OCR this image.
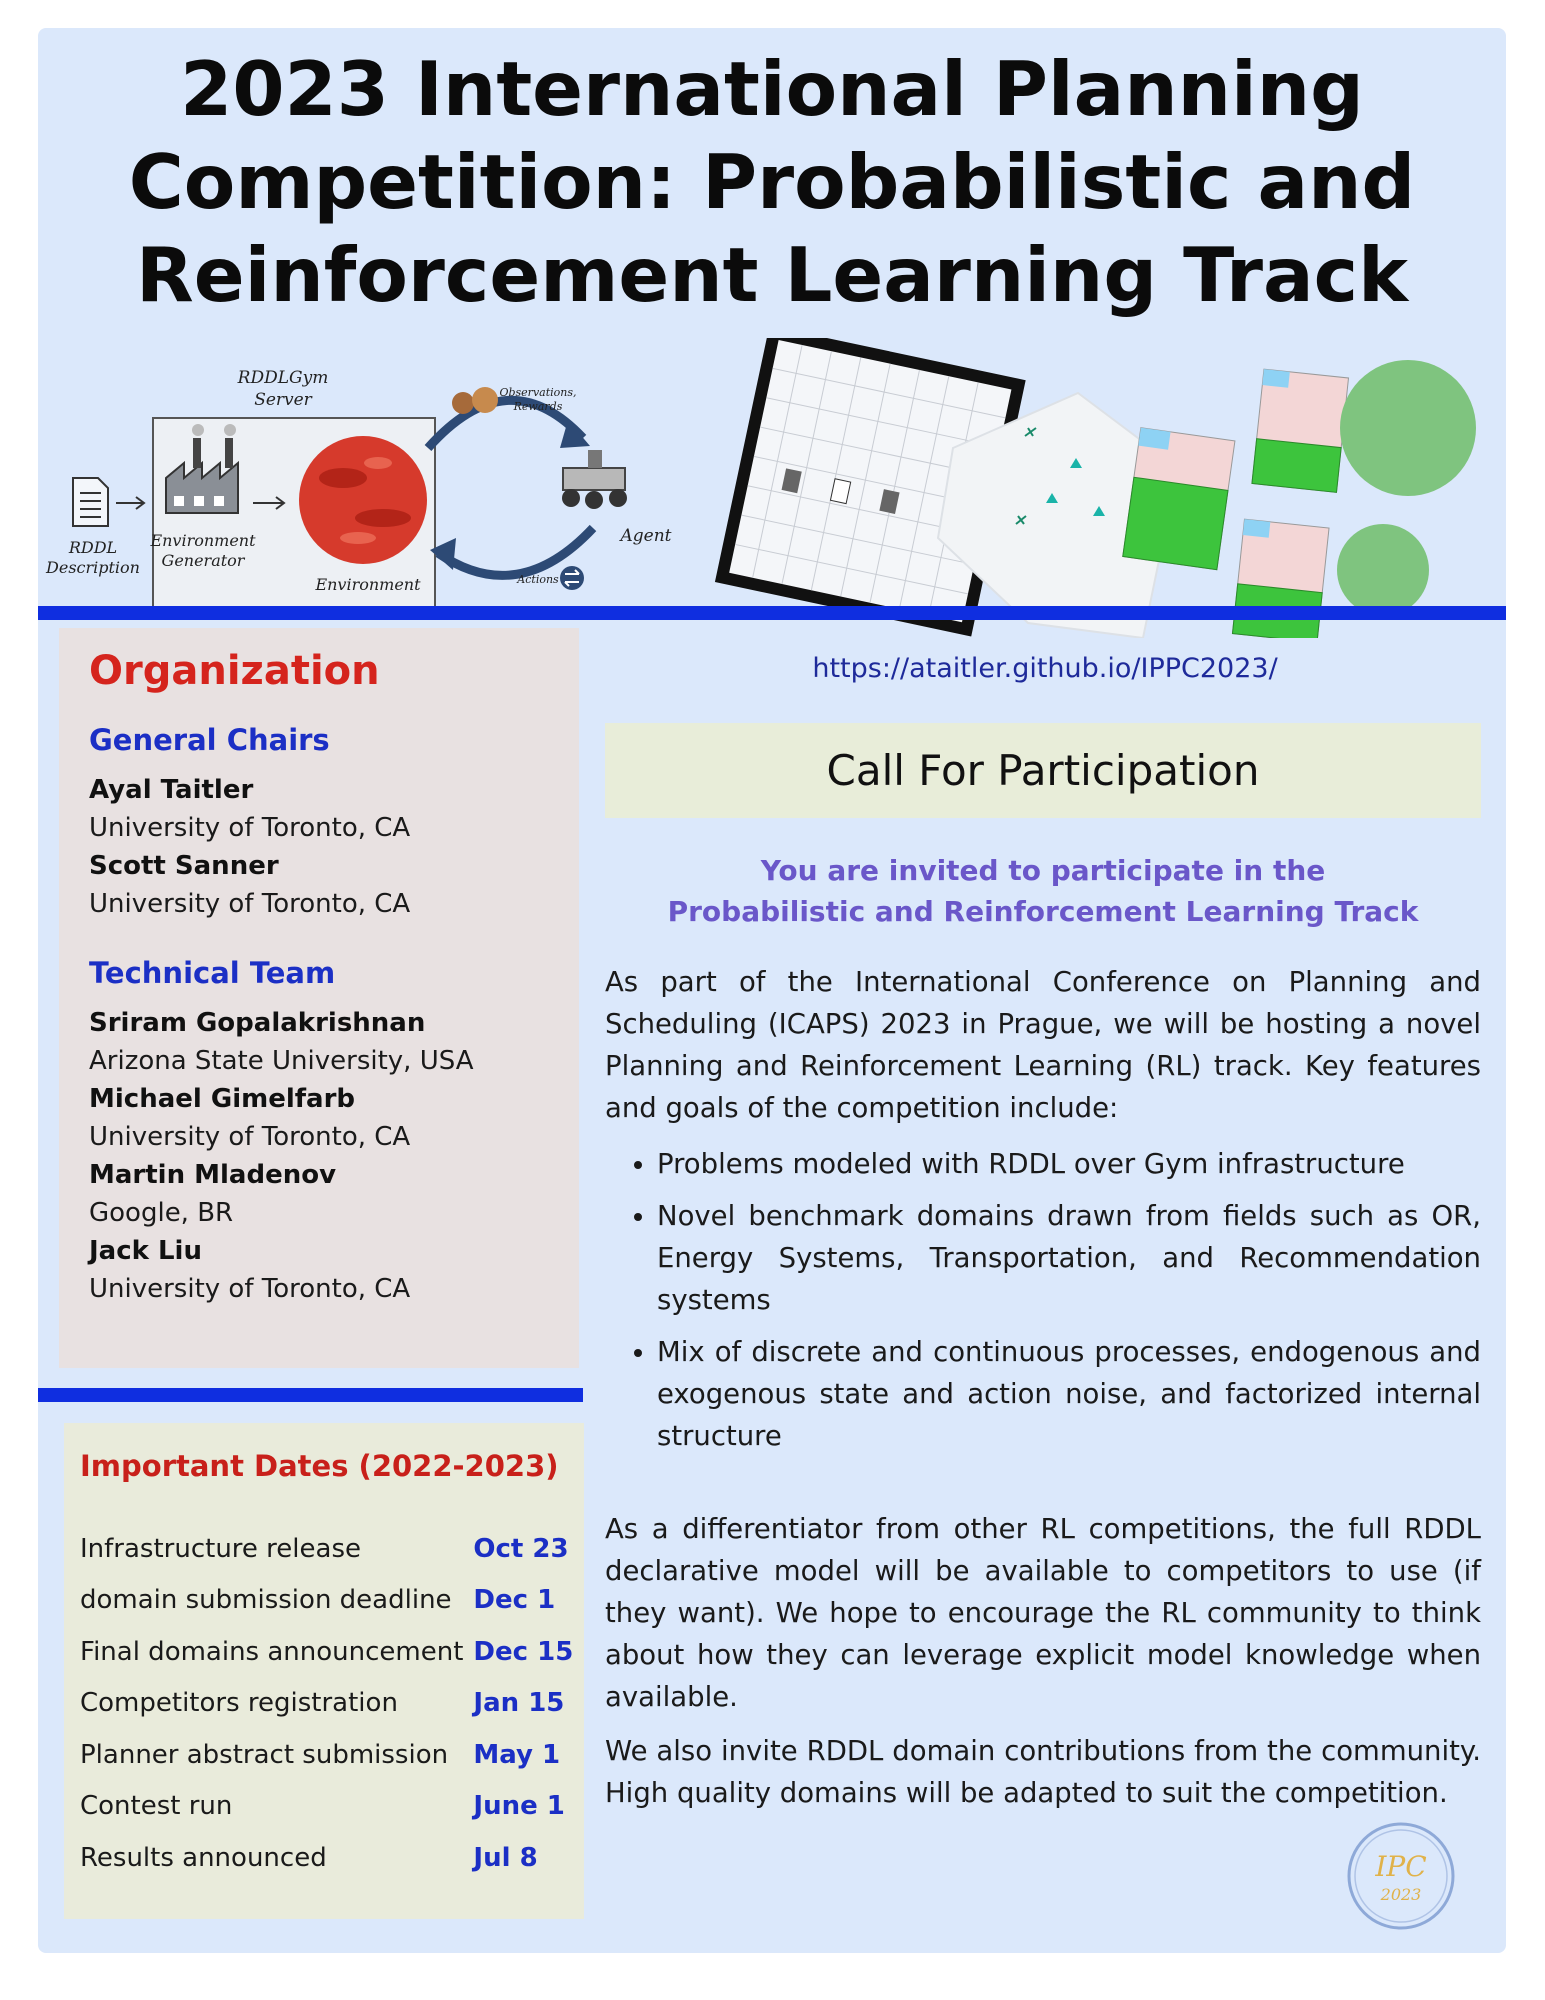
2023 International Planning
Competition: Probabilistic and
Reinforcement Learning Track
RDDLGym
Server
RDDL
Description
Environment
Generator
Environment
Observations,
Rewards
Agent
Actions
Organization
General Chairs
Ayal Taitler
University of Toronto, CA
Scott Sanner
University of Toronto, CA
Technical Team
Sriram Gopalakrishnan
Arizona State University, USA
Michael Gimelfarb
University of Toronto, CA
Martin Mladenov
Google, BR
Jack Liu
University of Toronto, CA
Important Dates (2022-2023)
Infrastructure release	Oct 23
domain submission deadline	Dec 1
Final domains announcement	Dec 15
Competitors registration	Jan 15
Planner abstract submission	May 1
Contest run	June 1
Results announced	Jul 8
https://ataitler.github.io/IPPC2023/
Call For Participation
You are invited to participate in the
Probabilistic and Reinforcement Learning Track

As part of the International Conference on Planning and Scheduling (ICAPS) 2023 in Prague, we will be hosting a novel Planning and Reinforcement Learning (RL) track. Key features and goals of the competition include:

• Problems modeled with RDDL over Gym infrastructure
• Novel benchmark domains drawn from fields such as OR, Energy Systems, Transportation, and Recommendation systems
• Mix of discrete and continuous processes, endogenous and exogenous state and action noise, and factorized internal structure

As a differentiator from other RL competitions, the full RDDL declarative model will be available to competitors to use (if they want). We hope to encourage the RL community to think about how they can leverage explicit model knowledge when available.

We also invite RDDL domain contributions from the community. High quality domains will be adapted to suit the competition.

IPC
2023
